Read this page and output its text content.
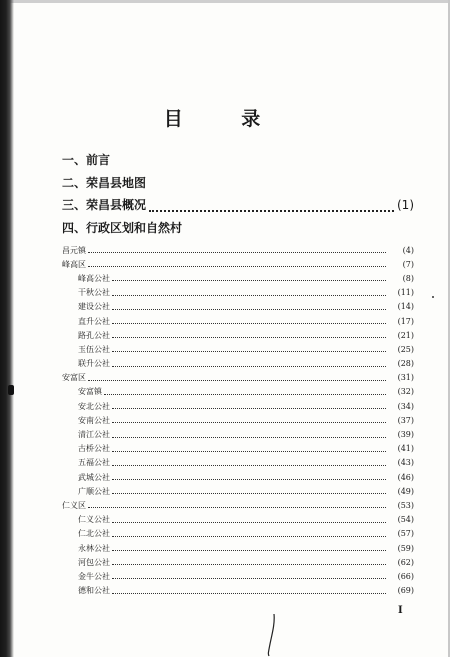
目 录
一、前言
二、荣昌县地图
三、荣昌县概况	(1)
四、行政区划和自然村
昌元镇	(4)
峰高区	(7)
峰高公社	(8)
干秋公社	(11)
建设公社	(14)
直升公社	(17)
路孔公社	(21)
玉伍公社	(25)
联升公社	(28)
安富区	(31)
安富镇	(32)
安北公社	(34)
安南公社	(37)
清江公社	(39)
古桥公社	(41)
五福公社	(43)
武城公社	(46)
广顺公社	(49)
仁义区	(53)
仁义公社	(54)
仁北公社	(57)
永林公社	(59)
河包公社	(62)
金牛公社	(66)
德和公社	(69)
I
